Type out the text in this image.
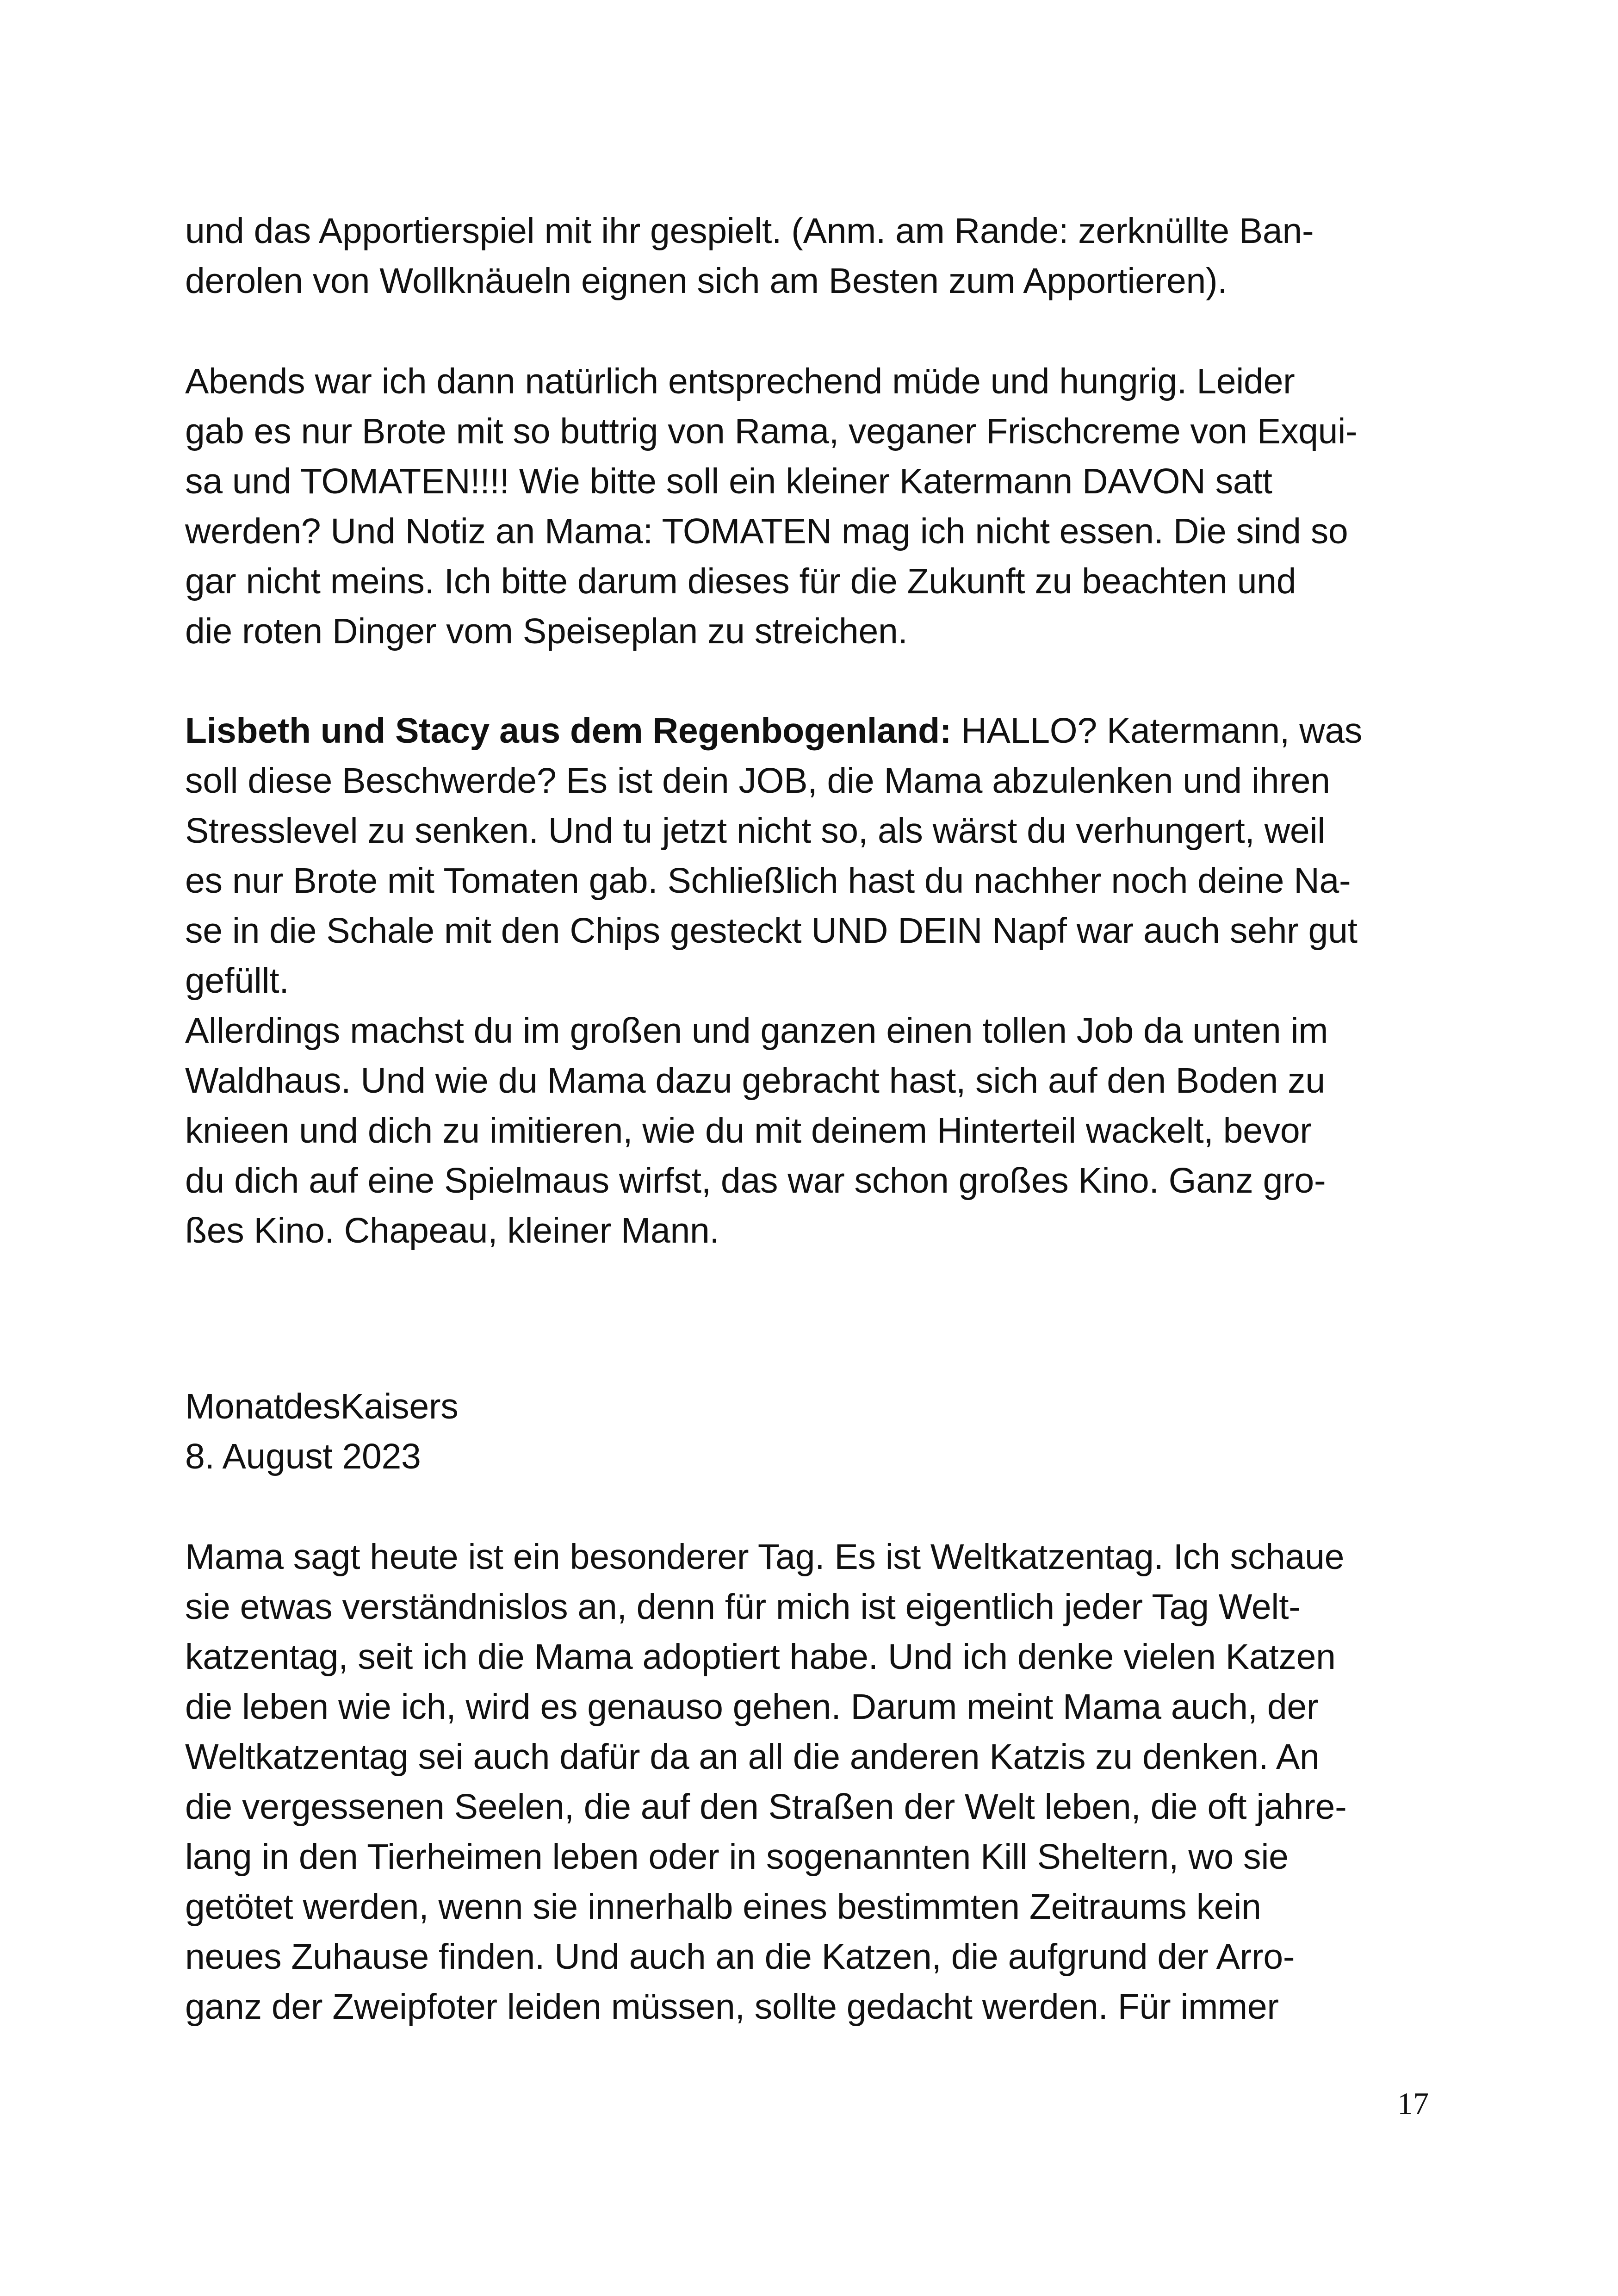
und das Apportierspiel mit ihr gespielt. (Anm. am Rande: zerknüllte Ban-

derolen von Wollknäueln eignen sich am Besten zum Apportieren).

Abends war ich dann natürlich entsprechend müde und hungrig. Leider

gab es nur Brote mit so buttrig von Rama, veganer Frischcreme von Exqui-

sa und TOMATEN!!!! Wie bitte soll ein kleiner Katermann DAVON satt

werden? Und Notiz an Mama: TOMATEN mag ich nicht essen. Die sind so

gar nicht meins. Ich bitte darum dieses für die Zukunft zu beachten und

die roten Dinger vom Speiseplan zu streichen.

Lisbeth und Stacy aus dem Regenbogenland: HALLO? Katermann, was

soll diese Beschwerde? Es ist dein JOB, die Mama abzulenken und ihren

Stresslevel zu senken. Und tu jetzt nicht so, als wärst du verhungert, weil

es nur Brote mit Tomaten gab. Schließlich hast du nachher noch deine Na-

se in die Schale mit den Chips gesteckt UND DEIN Napf war auch sehr gut

gefüllt.

Allerdings machst du im großen und ganzen einen tollen Job da unten im

Waldhaus. Und wie du Mama dazu gebracht hast, sich auf den Boden zu

knieen und dich zu imitieren, wie du mit deinem Hinterteil wackelt, bevor

du dich auf eine Spielmaus wirfst, das war schon großes Kino. Ganz gro-

ßes Kino. Chapeau, kleiner Mann.

MonatdesKaisers

8. August 2023

Mama sagt heute ist ein besonderer Tag. Es ist Weltkatzentag. Ich schaue

sie etwas verständnislos an, denn für mich ist eigentlich jeder Tag Welt-

katzentag, seit ich die Mama adoptiert habe. Und ich denke vielen Katzen

die leben wie ich, wird es genauso gehen. Darum meint Mama auch, der

Weltkatzentag sei auch dafür da an all die anderen Katzis zu denken. An

die vergessenen Seelen, die auf den Straßen der Welt leben, die oft jahre-

lang in den Tierheimen leben oder in sogenannten Kill Sheltern, wo sie

getötet werden, wenn sie innerhalb eines bestimmten Zeitraums kein

neues Zuhause finden. Und auch an die Katzen, die aufgrund der Arro-

ganz der Zweipfoter leiden müssen, sollte gedacht werden. Für immer

17
